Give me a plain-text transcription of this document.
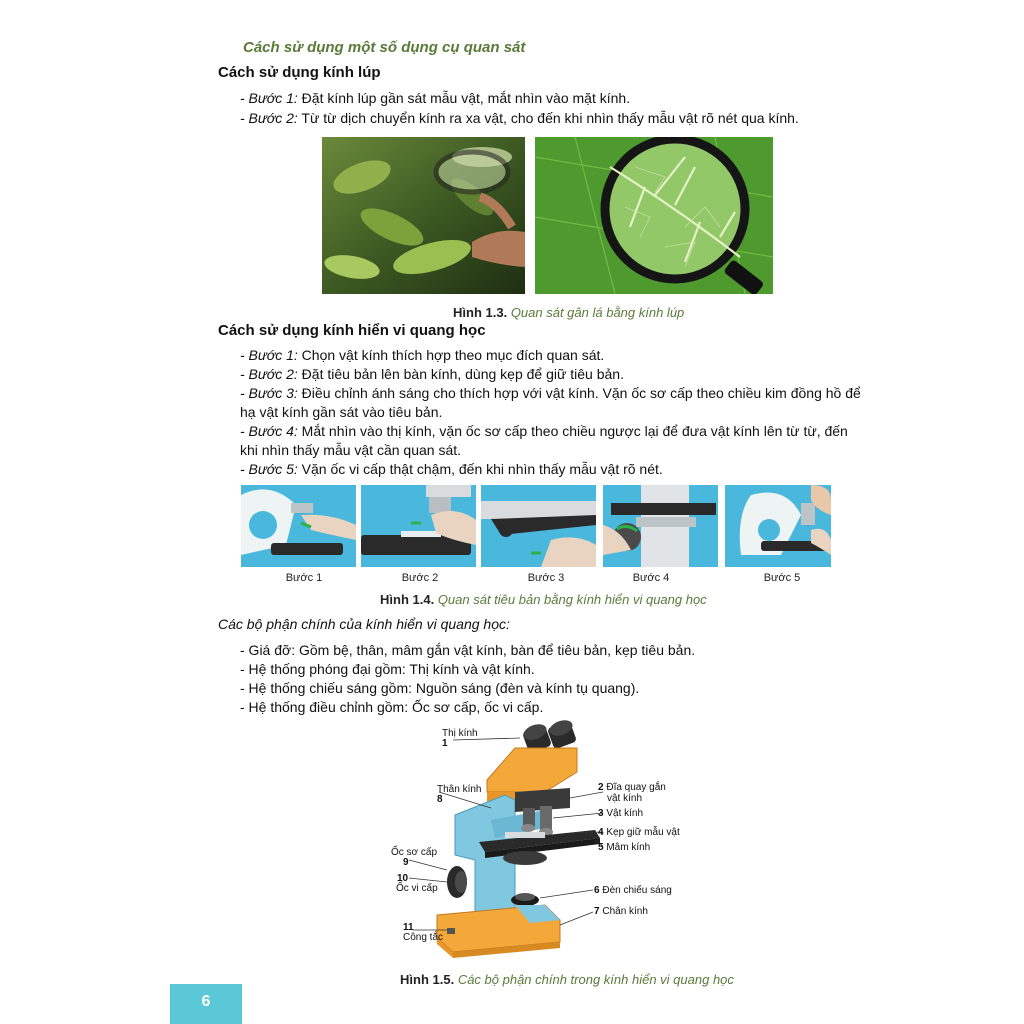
Cách sử dụng một số dụng cụ quan sát
Cách sử dụng kính lúp
- Bước 1: Đặt kính lúp gần sát mẫu vật, mắt nhìn vào mặt kính.
- Bước 2: Từ từ dịch chuyển kính ra xa vật, cho đến khi nhìn thấy mẫu vật rõ nét qua kính.
Hình 1.3. Quan sát gân lá bằng kính lúp
Cách sử dụng kính hiển vi quang học
- Bước 1: Chọn vật kính thích hợp theo mục đích quan sát.
- Bước 2: Đặt tiêu bản lên bàn kính, dùng kẹp để giữ tiêu bản.
- Bước 3: Điều chỉnh ánh sáng cho thích hợp với vật kính. Vặn ốc sơ cấp theo chiều kim đồng hồ để
hạ vật kính gần sát vào tiêu bản.
- Bước 4: Mắt nhìn vào thị kính, vặn ốc sơ cấp theo chiều ngược lại để đưa vật kính lên từ từ, đến
khi nhìn thấy mẫu vật cần quan sát.
- Bước 5: Vặn ốc vi cấp thật chậm, đến khi nhìn thấy mẫu vật rõ nét.
Bước 1	Bước 2	Bước 3	Bước 4	Bước 5
Hình 1.4. Quan sát tiêu bản bằng kính hiển vi quang học
Các bộ phận chính của kính hiển vi quang học:
- Giá đỡ: Gồm bệ, thân, mâm gắn vật kính, bàn để tiêu bản, kẹp tiêu bản.
- Hệ thống phóng đại gồm: Thị kính và vật kính.
- Hệ thống chiếu sáng gồm: Nguồn sáng (đèn và kính tụ quang).
- Hệ thống điều chỉnh gồm: Ốc sơ cấp, ốc vi cấp.
Thị kính
1
2 Đĩa quay gắn
vật kính
3 Vật kính
4 Kẹp giữ mẫu vật
5 Mâm kính
6 Đèn chiếu sáng
7 Chân kính
Thân kính
8
Ốc sơ cấp
9
10
Ốc vi cấp
11
Công tắc
Hình 1.5. Các bộ phận chính trong kính hiển vi quang học
6
